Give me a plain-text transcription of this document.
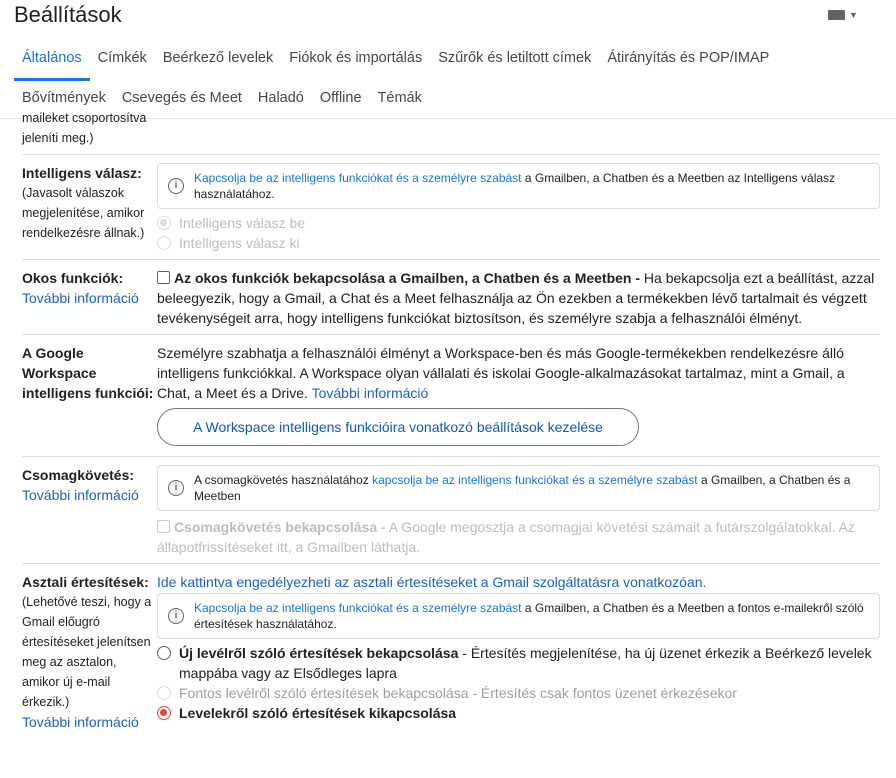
Beállítások	▼
Általános	Címkék	Beérkező levelek	Fiókok és importálás	Szűrők és letiltott címek	Átirányítás és POP/IMAP
Bővítmények	Csevegés és Meet	Haladó	Offline	Témák
maileket csoportosítva
jeleníti meg.)
Intelligens válasz:
(Javasolt válaszok megjelenítése, amikor rendelkezésre állnak.)
i
Kapcsolja be az intelligens funkciókat és a személyre szabást a Gmailben, a Chatben és a Meetben az Intelligens válasz használatához.
Intelligens válasz be
Intelligens válasz ki
Okos funkciók:
További információ
Az okos funkciók bekapcsolása a Gmailben, a Chatben és a Meetben - Ha bekapcsolja ezt a beállítást, azzal beleegyezik, hogy a Gmail, a Chat és a Meet felhasználja az Ön ezekben a termékekben lévő tartalmait és végzett tevékenységeit arra, hogy intelligens funkciókat biztosítson, és személyre szabja a felhasználói élményt.
A Google Workspace intelligens funkciói:
Személyre szabhatja a felhasználói élményt a Workspace-ben és más Google-termékekben rendelkezésre álló intelligens funkciókkal. A Workspace olyan vállalati és iskolai Google-alkalmazásokat tartalmaz, mint a Gmail, a Chat, a Meet és a Drive. További információ
A Workspace intelligens funkcióira vonatkozó beállítások kezelése
Csomagkövetés:
További információ	i
A csomagkövetés használatához kapcsolja be az intelligens funkciókat és a személyre szabást a Gmailben, a Chatben és a Meetben
Csomagkövetés bekapcsolása - A Google megosztja a csomagjai követési számait a futárszolgálatokkal. Az állapotfrissítéseket itt, a Gmailben láthatja.
Asztali értesítések:
(Lehetővé teszi, hogy a Gmail előugró értesítéseket jelenítsen meg az asztalon, amikor új e-mail érkezik.)
További információ
Ide kattintva engedélyezheti az asztali értesítéseket a Gmail szolgáltatásra vonatkozóan.
i
Kapcsolja be az intelligens funkciókat és a személyre szabást a Gmailben, a Chatben és a Meetben a fontos e-mailekről szóló értesítések használatához.
Új levélről szóló értesítések bekapcsolása - Értesítés megjelenítése, ha új üzenet érkezik a Beérkező levelek mappába vagy az Elsődleges lapra
Fontos levélről szóló értesítések bekapcsolása - Értesítés csak fontos üzenet érkezésekor
Levelekről szóló értesítések kikapcsolása
